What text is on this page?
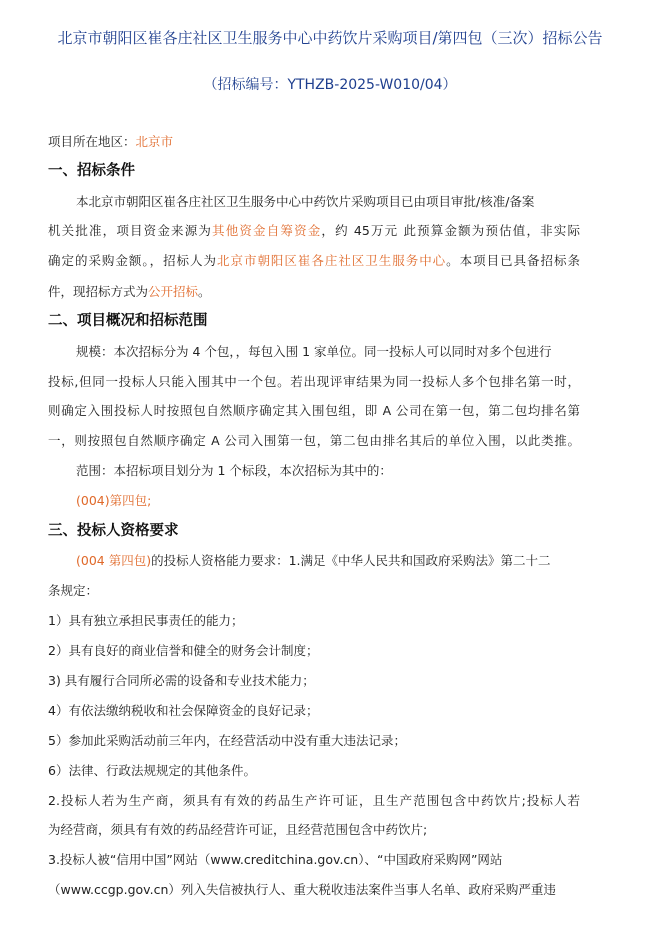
北京市朝阳区崔各庄社区卫生服务中心中药饮片采购项目/第四包（三次）招标公告
（招标编号：YTHZB-2025-W010/04）
项目所在地区：北京市
一、招标条件
本北京市朝阳区崔各庄社区卫生服务中心中药饮片采购项目已由项目审批/核准/备案
机关批准，项目资金来源为其他资金自筹资金，约 45万元 此预算金额为预估值，非实际
确定的采购金额。，招标人为北京市朝阳区崔各庄社区卫生服务中心。本项目已具备招标条
件，现招标方式为公开招标。
二、项目概况和招标范围
规模：本次招标分为 4 个包，，每包入围 1 家单位。同一投标人可以同时对多个包进行
投标,但同一投标人只能入围其中一个包。若出现评审结果为同一投标人多个包排名第一时，
则确定入围投标人时按照包自然顺序确定其入围包组，即 A 公司在第一包，第二包均排名第
一，则按照包自然顺序确定 A 公司入围第一包，第二包由排名其后的单位入围，以此类推。
范围：本招标项目划分为 1 个标段，本次招标为其中的：
(004)第四包;
三、投标人资格要求
(004 第四包)的投标人资格能力要求：1.满足《中华人民共和国政府采购法》第二十二
条规定：
1）具有独立承担民事责任的能力；
2）具有良好的商业信誉和健全的财务会计制度；
3) 具有履行合同所必需的设备和专业技术能力；
4）有依法缴纳税收和社会保障资金的良好记录；
5）参加此采购活动前三年内，在经营活动中没有重大违法记录；
6）法律、行政法规规定的其他条件。
2.投标人若为生产商，须具有有效的药品生产许可证，且生产范围包含中药饮片;投标人若
为经营商，须具有有效的药品经营许可证，且经营范围包含中药饮片;
3.投标人被“信用中国”网站（www.creditchina.gov.cn）、“中国政府采购网”网站
（www.ccgp.gov.cn）列入失信被执行人、重大税收违法案件当事人名单、政府采购严重违
